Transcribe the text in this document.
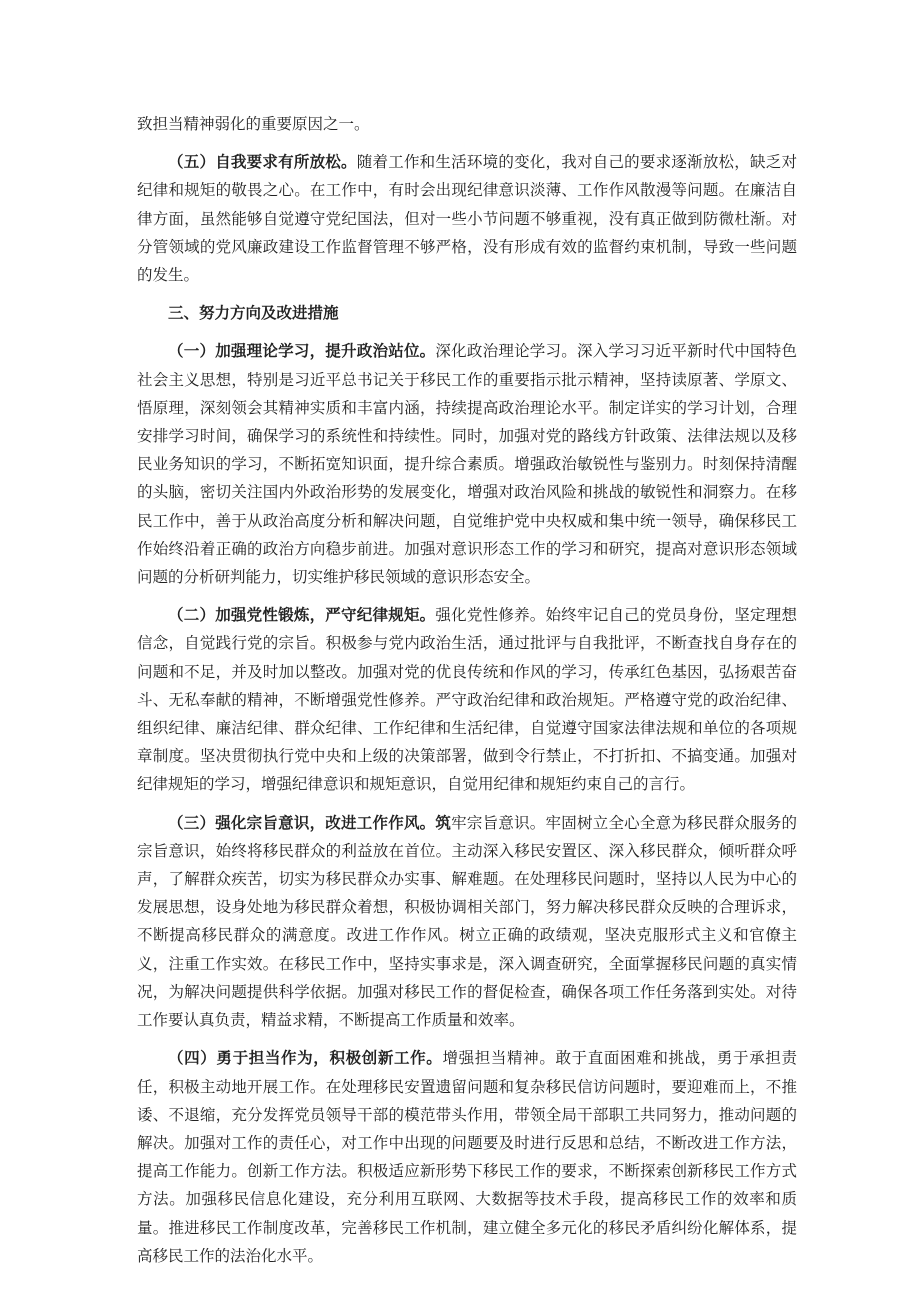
致担当精神弱化的重要原因之一。

（五）自我要求有所放松。随着工作和生活环境的变化，我对自己的要求逐渐放松，缺乏对纪律和规矩的敬畏之心。在工作中，有时会出现纪律意识淡薄、工作作风散漫等问题。在廉洁自律方面，虽然能够自觉遵守党纪国法，但对一些小节问题不够重视，没有真正做到防微杜渐。对分管领域的党风廉政建设工作监督管理不够严格，没有形成有效的监督约束机制，导致一些问题的发生。

三、努力方向及改进措施

（一）加强理论学习，提升政治站位。深化政治理论学习。深入学习习近平新时代中国特色社会主义思想，特别是习近平总书记关于移民工作的重要指示批示精神，坚持读原著、学原文、悟原理，深刻领会其精神实质和丰富内涵，持续提高政治理论水平。制定详实的学习计划，合理安排学习时间，确保学习的系统性和持续性。同时，加强对党的路线方针政策、法律法规以及移民业务知识的学习，不断拓宽知识面，提升综合素质。增强政治敏锐性与鉴别力。时刻保持清醒的头脑，密切关注国内外政治形势的发展变化，增强对政治风险和挑战的敏锐性和洞察力。在移民工作中，善于从政治高度分析和解决问题，自觉维护党中央权威和集中统一领导，确保移民工作始终沿着正确的政治方向稳步前进。加强对意识形态工作的学习和研究，提高对意识形态领域问题的分析研判能力，切实维护移民领域的意识形态安全。

（二）加强党性锻炼，严守纪律规矩。强化党性修养。始终牢记自己的党员身份，坚定理想信念，自觉践行党的宗旨。积极参与党内政治生活，通过批评与自我批评，不断查找自身存在的问题和不足，并及时加以整改。加强对党的优良传统和作风的学习，传承红色基因，弘扬艰苦奋斗、无私奉献的精神，不断增强党性修养。严守政治纪律和政治规矩。严格遵守党的政治纪律、组织纪律、廉洁纪律、群众纪律、工作纪律和生活纪律，自觉遵守国家法律法规和单位的各项规章制度。坚决贯彻执行党中央和上级的决策部署，做到令行禁止，不打折扣、不搞变通。加强对纪律规矩的学习，增强纪律意识和规矩意识，自觉用纪律和规矩约束自己的言行。

（三）强化宗旨意识，改进工作作风。筑牢宗旨意识。牢固树立全心全意为移民群众服务的宗旨意识，始终将移民群众的利益放在首位。主动深入移民安置区、深入移民群众，倾听群众呼声，了解群众疾苦，切实为移民群众办实事、解难题。在处理移民问题时，坚持以人民为中心的发展思想，设身处地为移民群众着想，积极协调相关部门，努力解决移民群众反映的合理诉求，不断提高移民群众的满意度。改进工作作风。树立正确的政绩观，坚决克服形式主义和官僚主义，注重工作实效。在移民工作中，坚持实事求是，深入调查研究，全面掌握移民问题的真实情况，为解决问题提供科学依据。加强对移民工作的督促检查，确保各项工作任务落到实处。对待工作要认真负责，精益求精，不断提高工作质量和效率。

（四）勇于担当作为，积极创新工作。增强担当精神。敢于直面困难和挑战，勇于承担责任，积极主动地开展工作。在处理移民安置遗留问题和复杂移民信访问题时，要迎难而上，不推诿、不退缩，充分发挥党员领导干部的模范带头作用，带领全局干部职工共同努力，推动问题的解决。加强对工作的责任心，对工作中出现的问题要及时进行反思和总结，不断改进工作方法，提高工作能力。创新工作方法。积极适应新形势下移民工作的要求，不断探索创新移民工作方式方法。加强移民信息化建设，充分利用互联网、大数据等技术手段，提高移民工作的效率和质量。推进移民工作制度改革，完善移民工作机制，建立健全多元化的移民矛盾纠纷化解体系，提高移民工作的法治化水平。
